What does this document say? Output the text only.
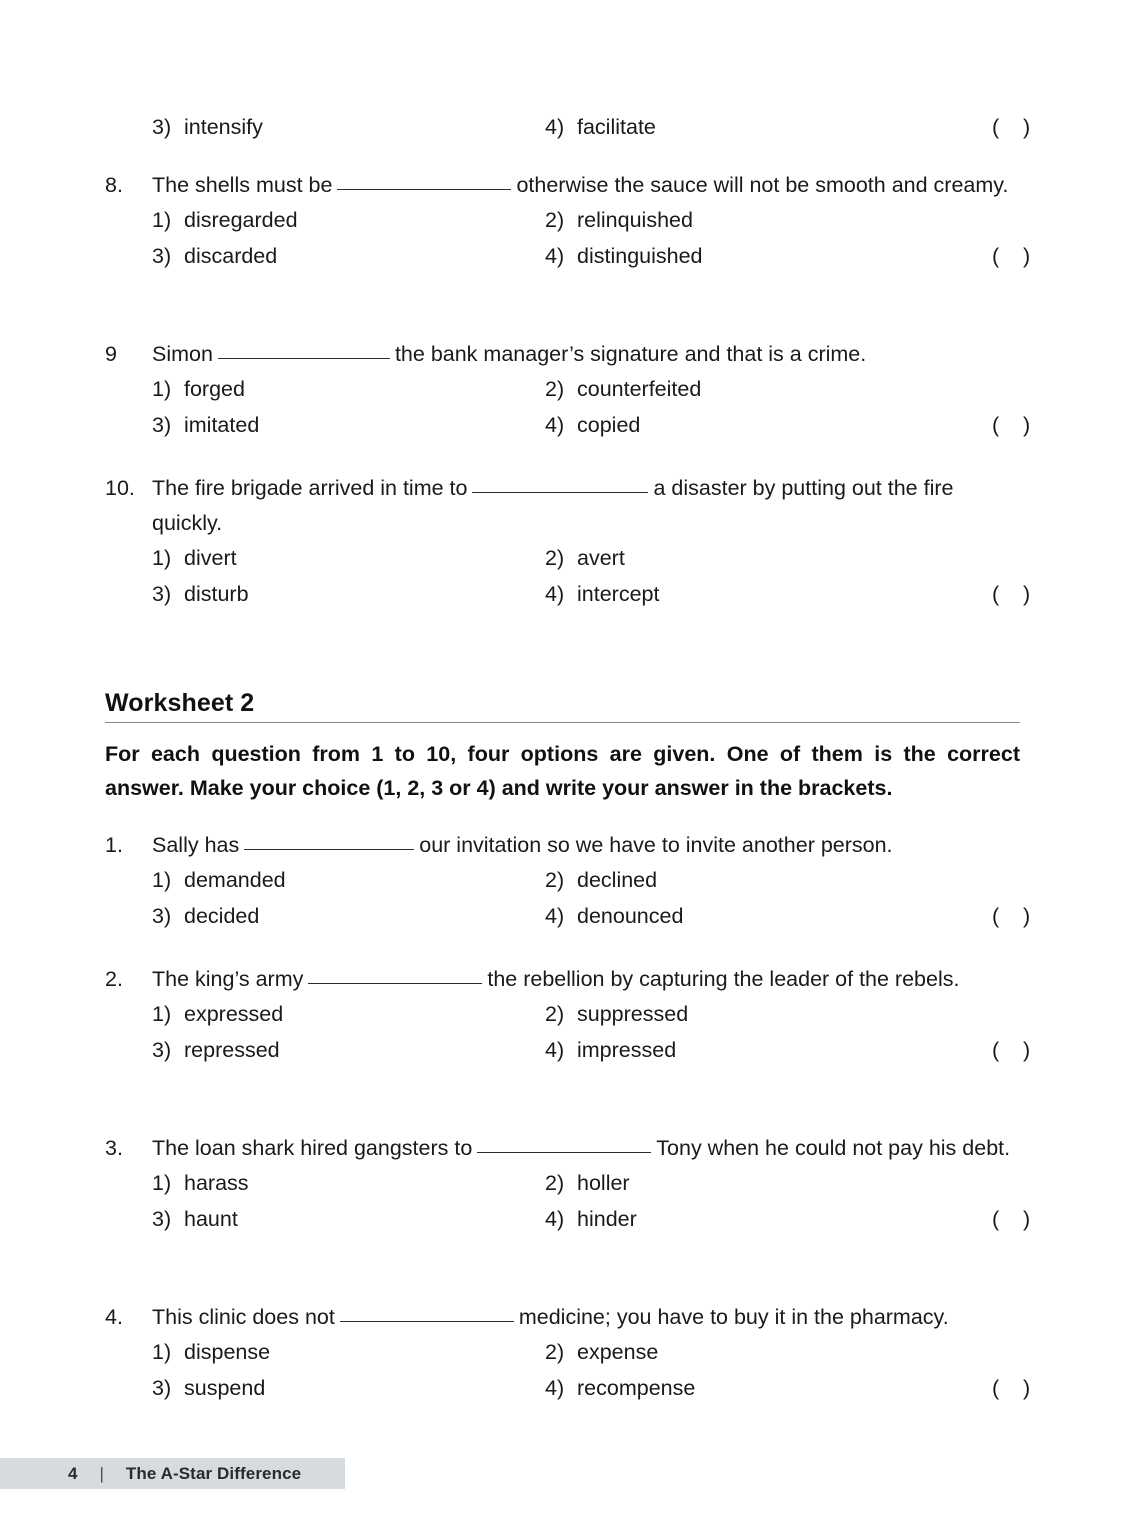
3) intensify	4) facilitate	(    )
8.	The shells must be	otherwise the sauce will not be smooth and creamy.
1) disregarded	2) relinquished
3) discarded	4) distinguished	(    )
9	Simon	the bank manager’s signature and that is a crime.
1) forged	2) counterfeited
3) imitated	4) copied	(    )
10. The fire brigade arrived in time to	a disaster by putting out the fire quickly.
1) divert	2) avert
3) disturb	4) intercept	(    )
Worksheet 2
For each question from 1 to 10, four options are given. One of them is the correct
answer. Make your choice (1, 2, 3 or 4) and write your answer in the brackets.
1.	Sally has	our invitation so we have to invite another person.
1) demanded	2) declined
3) decided	4) denounced	(    )
2.	The king’s army	the rebellion by capturing the leader of the rebels.
1) expressed	2) suppressed
3) repressed	4) impressed	(    )
3.	The loan shark hired gangsters to	Tony when he could not pay his debt.
1) harass	2) holler
3) haunt	4) hinder	(    )
4.	This clinic does not	medicine; you have to buy it in the pharmacy.
1) dispense	2) expense
3) suspend	4) recompense	(    )
4 | The A-Star Difference
